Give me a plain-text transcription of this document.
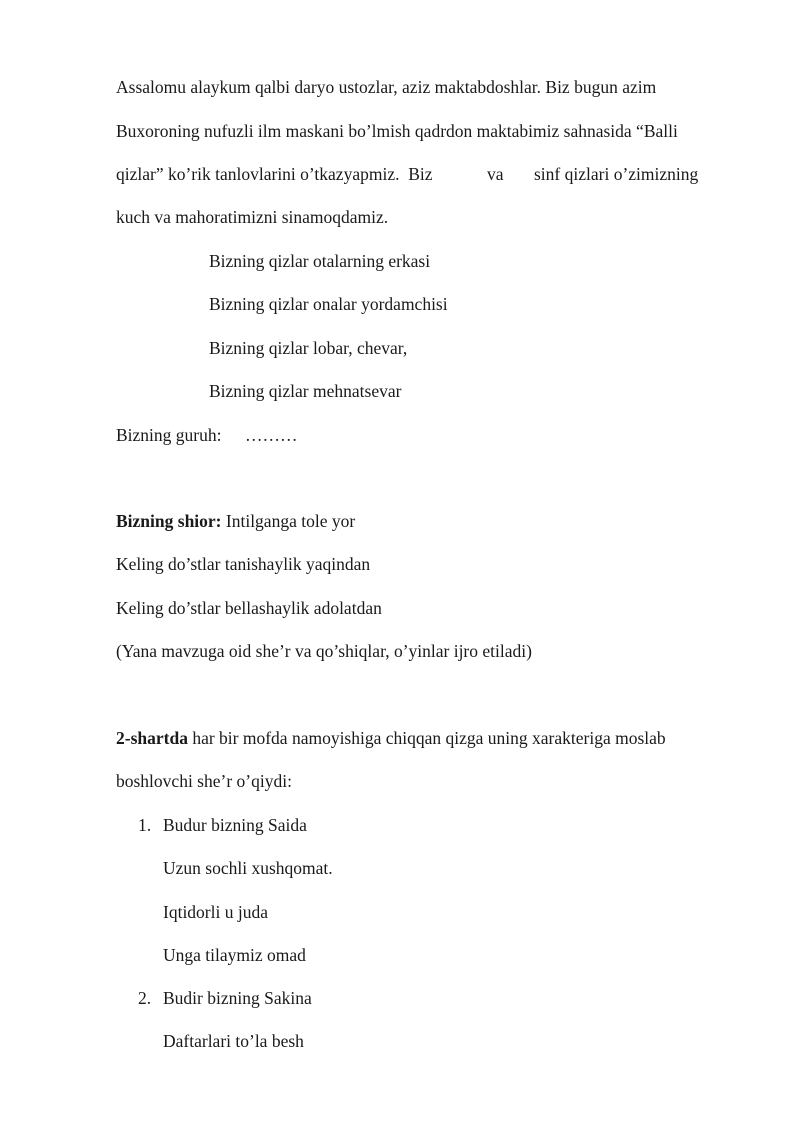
Assalomu alaykum qalbi daryo ustozlar, aziz maktabdoshlar. Biz bugun azim
Buxoroning nufuzli ilm maskani bo’lmish qadrdon maktabimiz sahnasida “Balli
qizlar” ko’rik tanlovlarini o’tkazyapmiz.  Biz	va sinf qizlari o’zimizning
kuch va mahoratimizni sinamoqdamiz.
Bizning qizlar otalarning erkasi
Bizning qizlar onalar yordamchisi
Bizning qizlar lobar, chevar,
Bizning qizlar mehnatsevar
Bizning guruh: ………
Bizning shior: Intilganga tole yor
Keling do’stlar tanishaylik yaqindan
Keling do’stlar bellashaylik adolatdan
(Yana mavzuga oid she’r va qo’shiqlar, o’yinlar ijro etiladi)
2-shartda har bir mofda namoyishiga chiqqan qizga uning xarakteriga moslab
boshlovchi she’r o’qiydi:
1. Budur bizning Saida
Uzun sochli xushqomat.
Iqtidorli u juda
Unga tilaymiz omad
2. Budir bizning Sakina
Daftarlari to’la besh
